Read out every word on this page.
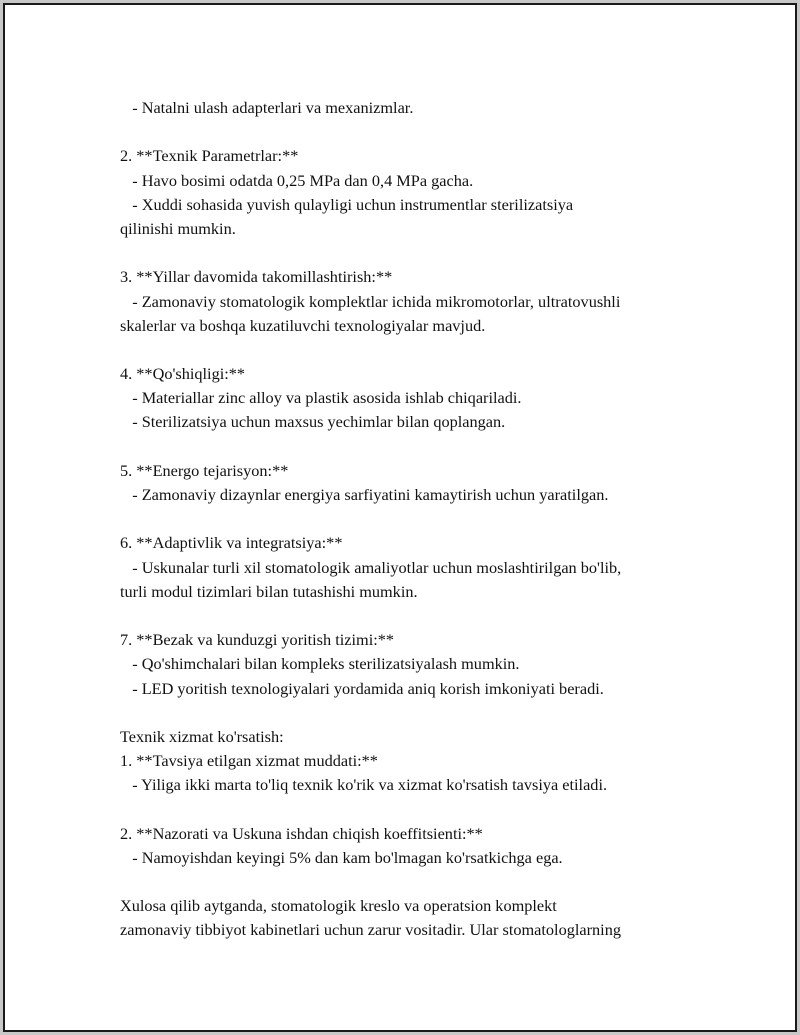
- Natalni ulash adapterlari va mexanizmlar.
2. **Texnik Parametrlar:**
- Havo bosimi odatda 0,25 MPa dan 0,4 MPa gacha.
- Xuddi sohasida yuvish qulayligi uchun instrumentlar sterilizatsiya
qilinishi mumkin.
3. **Yillar davomida takomillashtirish:**
- Zamonaviy stomatologik komplektlar ichida mikromotorlar, ultratovushli
skalerlar va boshqa kuzatiluvchi texnologiyalar mavjud.
4. **Qo'shiqligi:**
- Materiallar zinc alloy va plastik asosida ishlab chiqariladi.
- Sterilizatsiya uchun maxsus yechimlar bilan qoplangan.
5. **Energo tejarisyon:**
- Zamonaviy dizaynlar energiya sarfiyatini kamaytirish uchun yaratilgan.
6. **Adaptivlik va integratsiya:**
- Uskunalar turli xil stomatologik amaliyotlar uchun moslashtirilgan bo'lib,
turli modul tizimlari bilan tutashishi mumkin.
7. **Bezak va kunduzgi yoritish tizimi:**
- Qo'shimchalari bilan kompleks sterilizatsiyalash mumkin.
- LED yoritish texnologiyalari yordamida aniq korish imkoniyati beradi.
Texnik xizmat ko'rsatish:
1. **Tavsiya etilgan xizmat muddati:**
- Yiliga ikki marta to'liq texnik ko'rik va xizmat ko'rsatish tavsiya etiladi.
2. **Nazorati va Uskuna ishdan chiqish koeffitsienti:**
- Namoyishdan keyingi 5% dan kam bo'lmagan ko'rsatkichga ega.
Xulosa qilib aytganda, stomatologik kreslo va operatsion komplekt
zamonaviy tibbiyot kabinetlari uchun zarur vositadir. Ular stomatologlarning
